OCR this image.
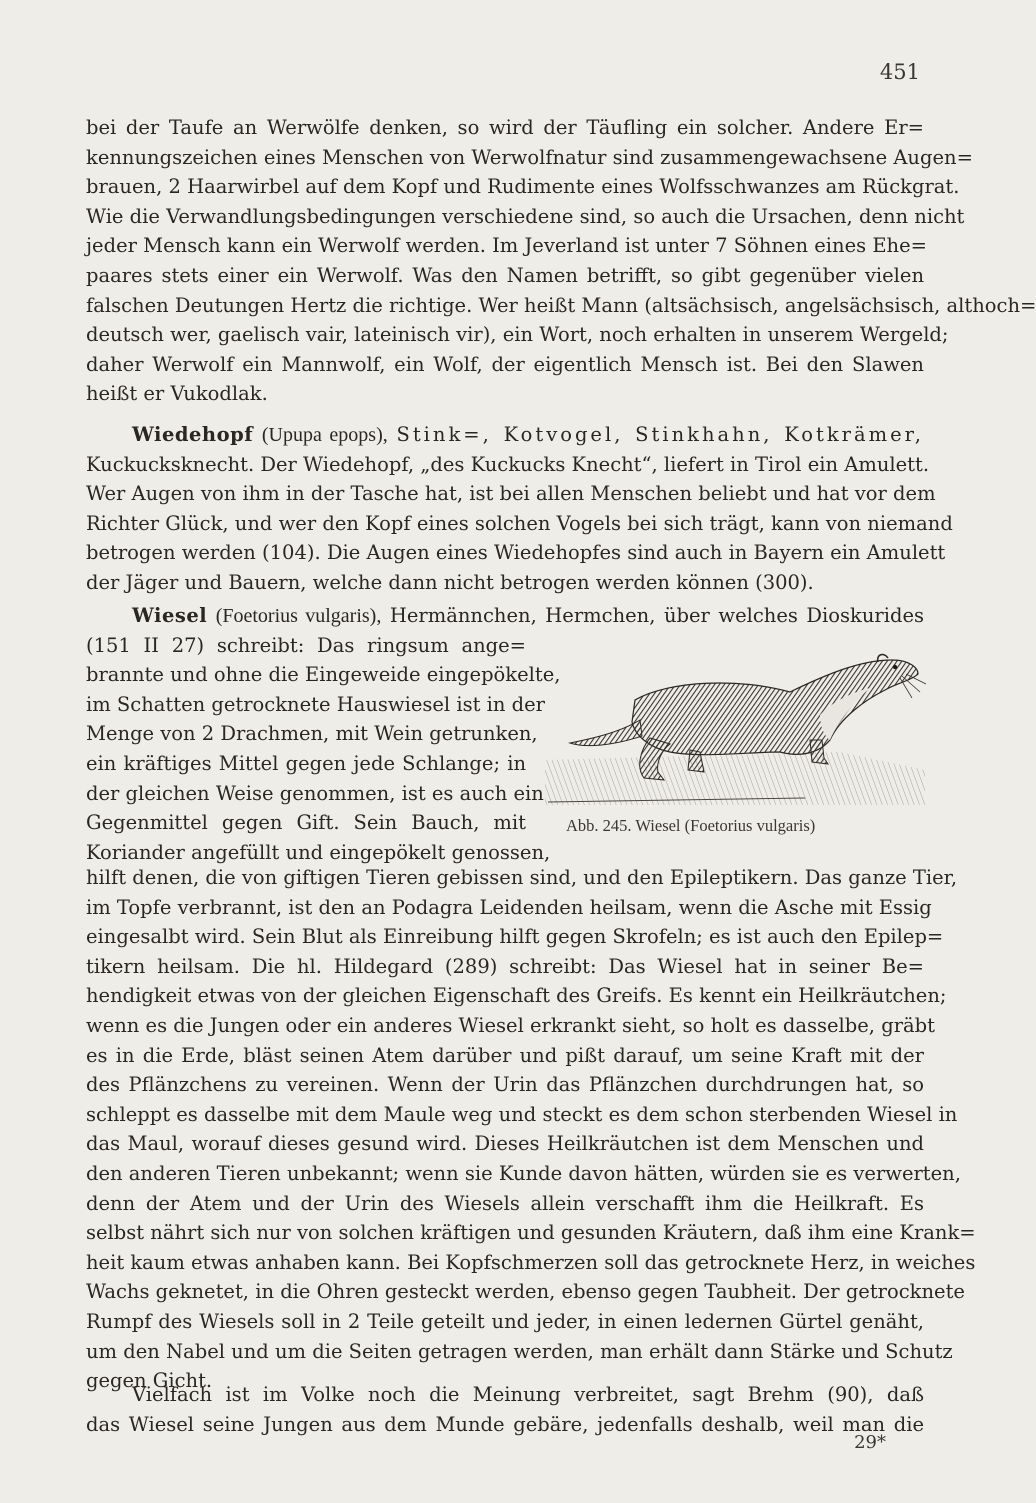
451
bei der Taufe an Werwölfe denken, so wird der Täufling ein solcher. Andere Er=
kennungszeichen eines Menschen von Werwolfnatur sind zusammengewachsene Augen=
brauen, 2 Haarwirbel auf dem Kopf und Rudimente eines Wolfsschwanzes am Rückgrat.
Wie die Verwandlungsbedingungen verschiedene sind, so auch die Ursachen, denn nicht
jeder Mensch kann ein Werwolf werden. Im Jeverland ist unter 7 Söhnen eines Ehe=
paares stets einer ein Werwolf. Was den Namen betrifft, so gibt gegenüber vielen
falschen Deutungen Hertz die richtige. Wer heißt Mann (altsächsisch, angelsächsisch, althoch=
deutsch wer, gaelisch vair, lateinisch vir), ein Wort, noch erhalten in unserem Wergeld;
daher Werwolf ein Mannwolf, ein Wolf, der eigentlich Mensch ist. Bei den Slawen
heißt er Vukodlak.
Wiedehopf (Upupa epops), Stink=, Kotvogel, Stinkhahn, Kotkrämer,
Kuckucksknecht. Der Wiedehopf, „des Kuckucks Knecht“, liefert in Tirol ein Amulett.
Wer Augen von ihm in der Tasche hat, ist bei allen Menschen beliebt und hat vor dem
Richter Glück, und wer den Kopf eines solchen Vogels bei sich trägt, kann von niemand
betrogen werden (104). Die Augen eines Wiedehopfes sind auch in Bayern ein Amulett
der Jäger und Bauern, welche dann nicht betrogen werden können (300).
Wiesel (Foetorius vulgaris), Hermännchen, Hermchen, über welches Dioskurides
(151 II 27) schreibt: Das ringsum ange=
brannte und ohne die Eingeweide eingepökelte,
im Schatten getrocknete Hauswiesel ist in der
Menge von 2 Drachmen, mit Wein getrunken,
ein kräftiges Mittel gegen jede Schlange; in
der gleichen Weise genommen, ist es auch ein
Gegenmittel gegen Gift. Sein Bauch, mit
Koriander angefüllt und eingepökelt genossen,
Abb. 245. Wiesel (Foetorius vulgaris)
hilft denen, die von giftigen Tieren gebissen sind, und den Epileptikern. Das ganze Tier,
im Topfe verbrannt, ist den an Podagra Leidenden heilsam, wenn die Asche mit Essig
eingesalbt wird. Sein Blut als Einreibung hilft gegen Skrofeln; es ist auch den Epilep=
tikern heilsam. Die hl. Hildegard (289) schreibt: Das Wiesel hat in seiner Be=
hendigkeit etwas von der gleichen Eigenschaft des Greifs. Es kennt ein Heilkräutchen;
wenn es die Jungen oder ein anderes Wiesel erkrankt sieht, so holt es dasselbe, gräbt
es in die Erde, bläst seinen Atem darüber und pißt darauf, um seine Kraft mit der
des Pflänzchens zu vereinen. Wenn der Urin das Pflänzchen durchdrungen hat, so
schleppt es dasselbe mit dem Maule weg und steckt es dem schon sterbenden Wiesel in
das Maul, worauf dieses gesund wird. Dieses Heilkräutchen ist dem Menschen und
den anderen Tieren unbekannt; wenn sie Kunde davon hätten, würden sie es verwerten,
denn der Atem und der Urin des Wiesels allein verschafft ihm die Heilkraft. Es
selbst nährt sich nur von solchen kräftigen und gesunden Kräutern, daß ihm eine Krank=
heit kaum etwas anhaben kann. Bei Kopfschmerzen soll das getrocknete Herz, in weiches
Wachs geknetet, in die Ohren gesteckt werden, ebenso gegen Taubheit. Der getrocknete
Rumpf des Wiesels soll in 2 Teile geteilt und jeder, in einen ledernen Gürtel genäht,
um den Nabel und um die Seiten getragen werden, man erhält dann Stärke und Schutz
gegen Gicht.
Vielfach ist im Volke noch die Meinung verbreitet, sagt Brehm (90), daß
das Wiesel seine Jungen aus dem Munde gebäre, jedenfalls deshalb, weil man die
29*
